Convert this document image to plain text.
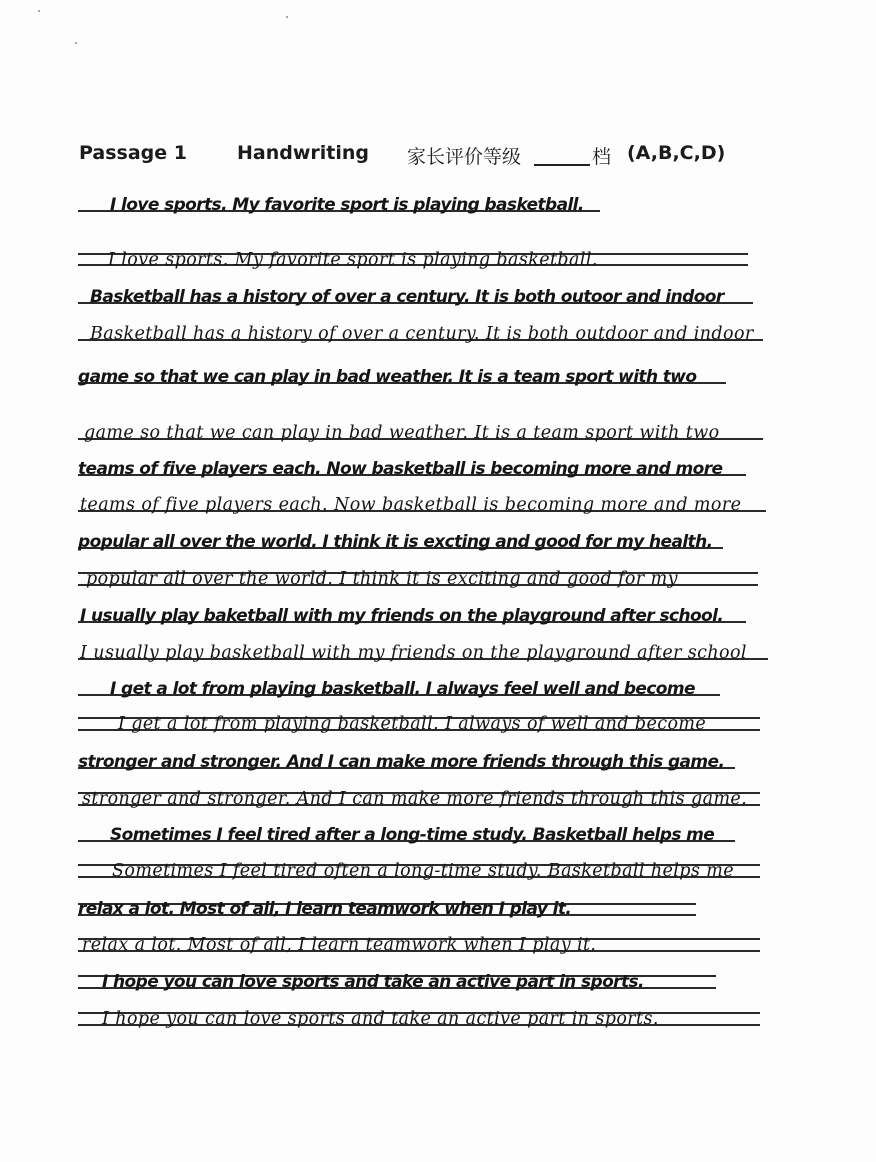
Passage 1	Handwriting 家长评价等级	档 (A,B,C,D)
I love sports. My favorite sport is playing basketball.
I love sports. My favorite sport is playing basketball.
Basketball has a history of over a century. It is both outoor and indoor
Basketball has a history of over a century. It is both outdoor and indoor
game so that we can play in bad weather. It is a team sport with two
game so that we can play in bad weather. It is a team sport with two
teams of five players each. Now basketball is becoming more and more
teams of five players each. Now basketball is becoming more and more
popular all over the world. I think it is excting and good for my health.
popular all over the world. I think it is exciting and good for my
I usually play baketball with my friends on the playground after school.
I usually play basketball with my friends on the playground after school
I get a lot from playing basketball. I always feel well and become
I get a lot from playing basketball. I always of well and become
stronger and stronger. And I can make more friends through this game.
stronger and stronger. And I can make more friends through this game.
Sometimes I feel tired after a long-time study. Basketball helps me
Sometimes I feel tired often a long-time study. Basketball helps me
relax a lot. Most of all, I learn teamwork when I play it.
relax a lot. Most of all, I learn teamwork when I play it.
I hope you can love sports and take an active part in sports.
I hope you can love sports and take an active part in sports.
